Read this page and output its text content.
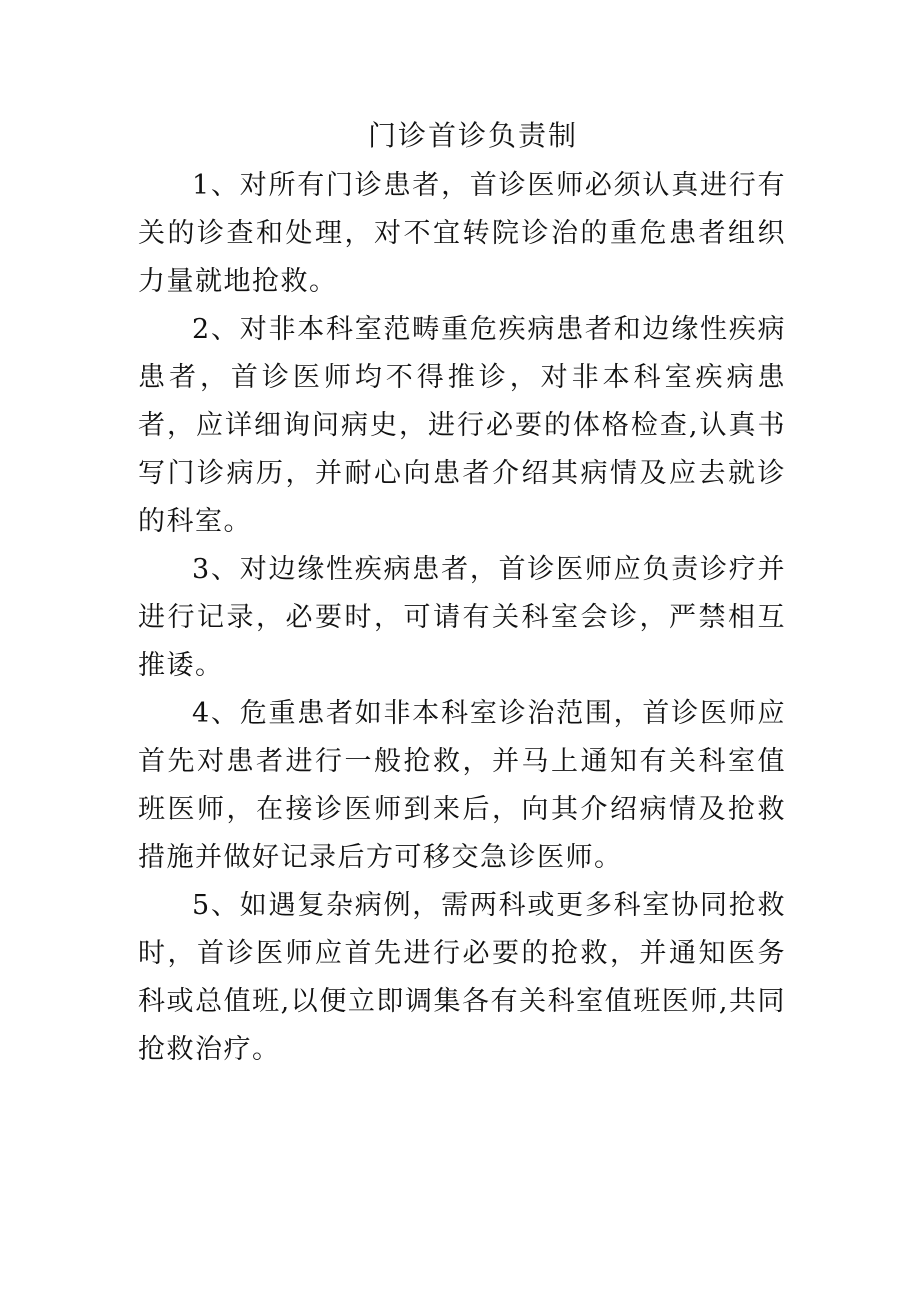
门诊首诊负责制

1、对所有门诊患者，首诊医师必须认真进行有关的诊查和处理，对不宜转院诊治的重危患者组织力量就地抢救。

2、对非本科室范畴重危疾病患者和边缘性疾病患者，首诊医师均不得推诊，对非本科室疾病患者，应详细询问病史，进行必要的体格检查,认真书写门诊病历，并耐心向患者介绍其病情及应去就诊的科室。

3、对边缘性疾病患者，首诊医师应负责诊疗并进行记录，必要时，可请有关科室会诊，严禁相互推诿。

4、危重患者如非本科室诊治范围，首诊医师应首先对患者进行一般抢救，并马上通知有关科室值班医师，在接诊医师到来后，向其介绍病情及抢救措施并做好记录后方可移交急诊医师。

5、如遇复杂病例，需两科或更多科室协同抢救时，首诊医师应首先进行必要的抢救，并通知医务科或总值班,以便立即调集各有关科室值班医师,共同抢救治疗。
